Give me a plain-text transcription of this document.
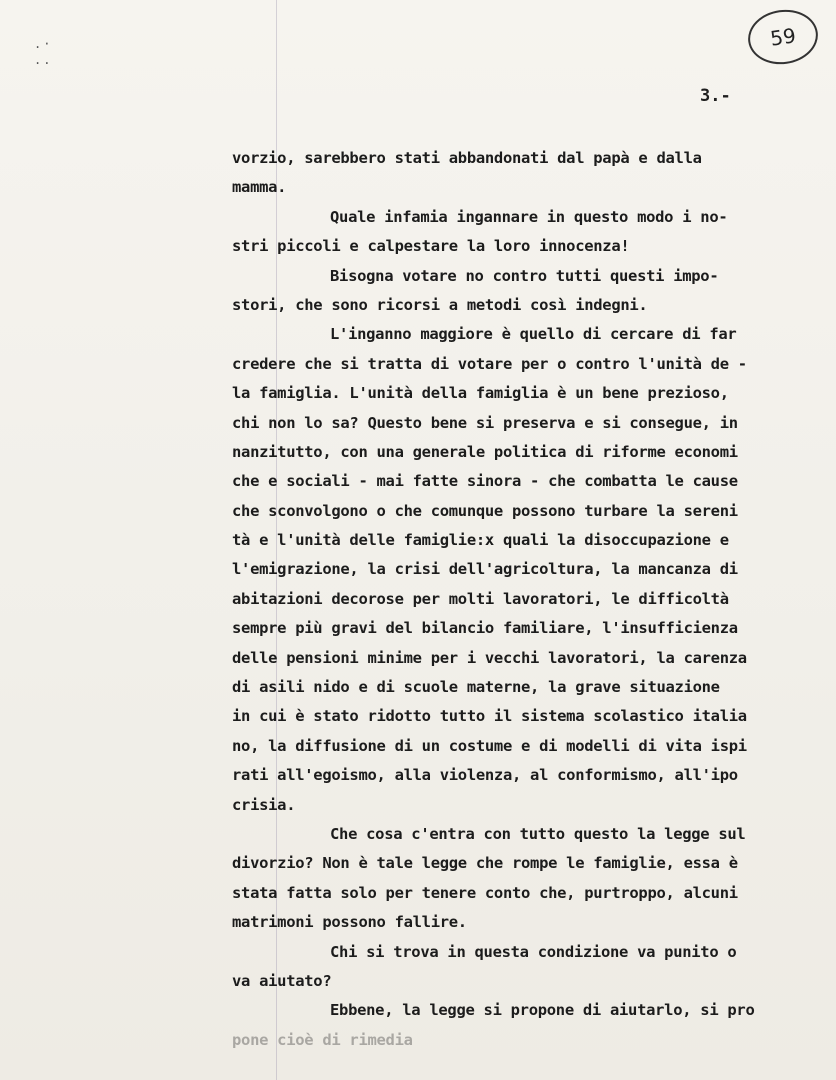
.·
..
59
3.-
vorzio, sarebbero stati abbandonati dal papà e dalla
mamma.
Quale infamia ingannare in questo modo i no-
stri piccoli e calpestare la loro innocenza!
Bisogna votare no contro tutti questi impo-
stori, che sono ricorsi a metodi così indegni.
L'inganno maggiore è quello di cercare di far
credere che si tratta di votare per o contro l'unità de -
la famiglia. L'unità della famiglia è un bene prezioso,
chi non lo sa? Questo bene si preserva e si consegue, in
nanzitutto, con una generale politica di riforme economi
che e sociali - mai fatte sinora - che combatta le cause
che sconvolgono o che comunque possono turbare la sereni
tà e l'unità delle famiglie:x quali la disoccupazione e
l'emigrazione, la crisi dell'agricoltura, la mancanza di
abitazioni decorose per molti lavoratori, le difficoltà
sempre più gravi del bilancio familiare, l'insufficienza
delle pensioni minime per i vecchi lavoratori, la carenza
di asili nido e di scuole materne, la grave situazione
in cui è stato ridotto tutto il sistema scolastico italia
no, la diffusione di un costume e di modelli di vita ispi
rati all'egoismo, alla violenza, al conformismo, all'ipo
crisia.
Che cosa c'entra con tutto questo la legge sul
divorzio? Non è tale legge che rompe le famiglie, essa è
stata fatta solo per tenere conto che, purtroppo, alcuni
matrimoni possono fallire.
Chi si trova in questa condizione va punito o
va aiutato?
Ebbene, la legge si propone di aiutarlo, si pro
pone cioè di rimedia
